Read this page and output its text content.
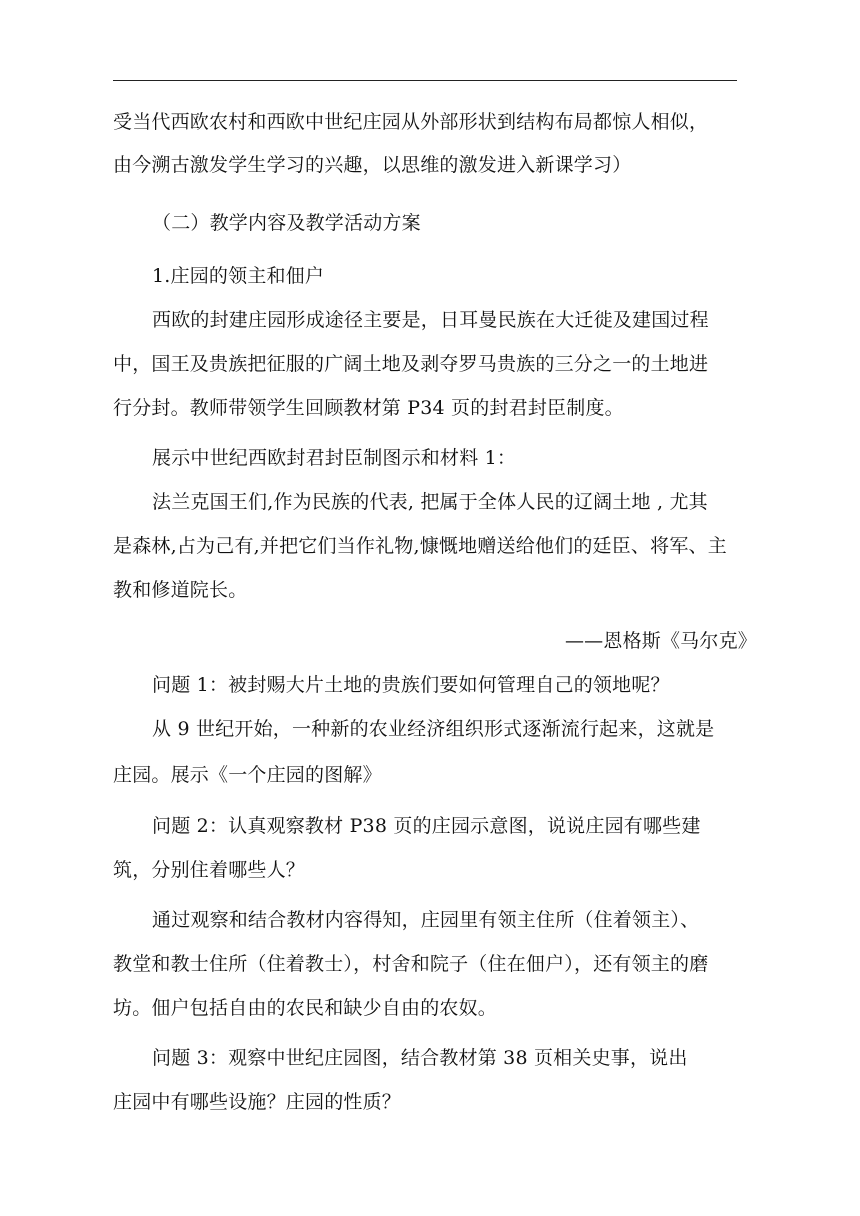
受当代西欧农村和西欧中世纪庄园从外部形状到结构布局都惊人相似，
由今溯古激发学生学习的兴趣，以思维的激发进入新课学习）
（二）教学内容及教学活动方案
1.庄园的领主和佃户
西欧的封建庄园形成途径主要是，日耳曼民族在大迁徙及建国过程
中，国王及贵族把征服的广阔土地及剥夺罗马贵族的三分之一的土地进
行分封。教师带领学生回顾教材第 P34 页的封君封臣制度。
展示中世纪西欧封君封臣制图示和材料 1：
法兰克国王们,作为民族的代表, 把属于全体人民的辽阔土地 , 尤其
是森林,占为己有,并把它们当作礼物,慷慨地赠送给他们的廷臣、将军、主
教和修道院长。
——恩格斯《马尔克》
问题 1：被封赐大片土地的贵族们要如何管理自己的领地呢？
从 9 世纪开始，一种新的农业经济组织形式逐渐流行起来，这就是
庄园。展示《一个庄园的图解》
问题 2：认真观察教材 P38 页的庄园示意图，说说庄园有哪些建
筑，分别住着哪些人？
通过观察和结合教材内容得知，庄园里有领主住所（住着领主）、
教堂和教士住所（住着教士），村舍和院子（住在佃户），还有领主的磨
坊。佃户包括自由的农民和缺少自由的农奴。
问题 3：观察中世纪庄园图，结合教材第 38 页相关史事，说出
庄园中有哪些设施？庄园的性质？
